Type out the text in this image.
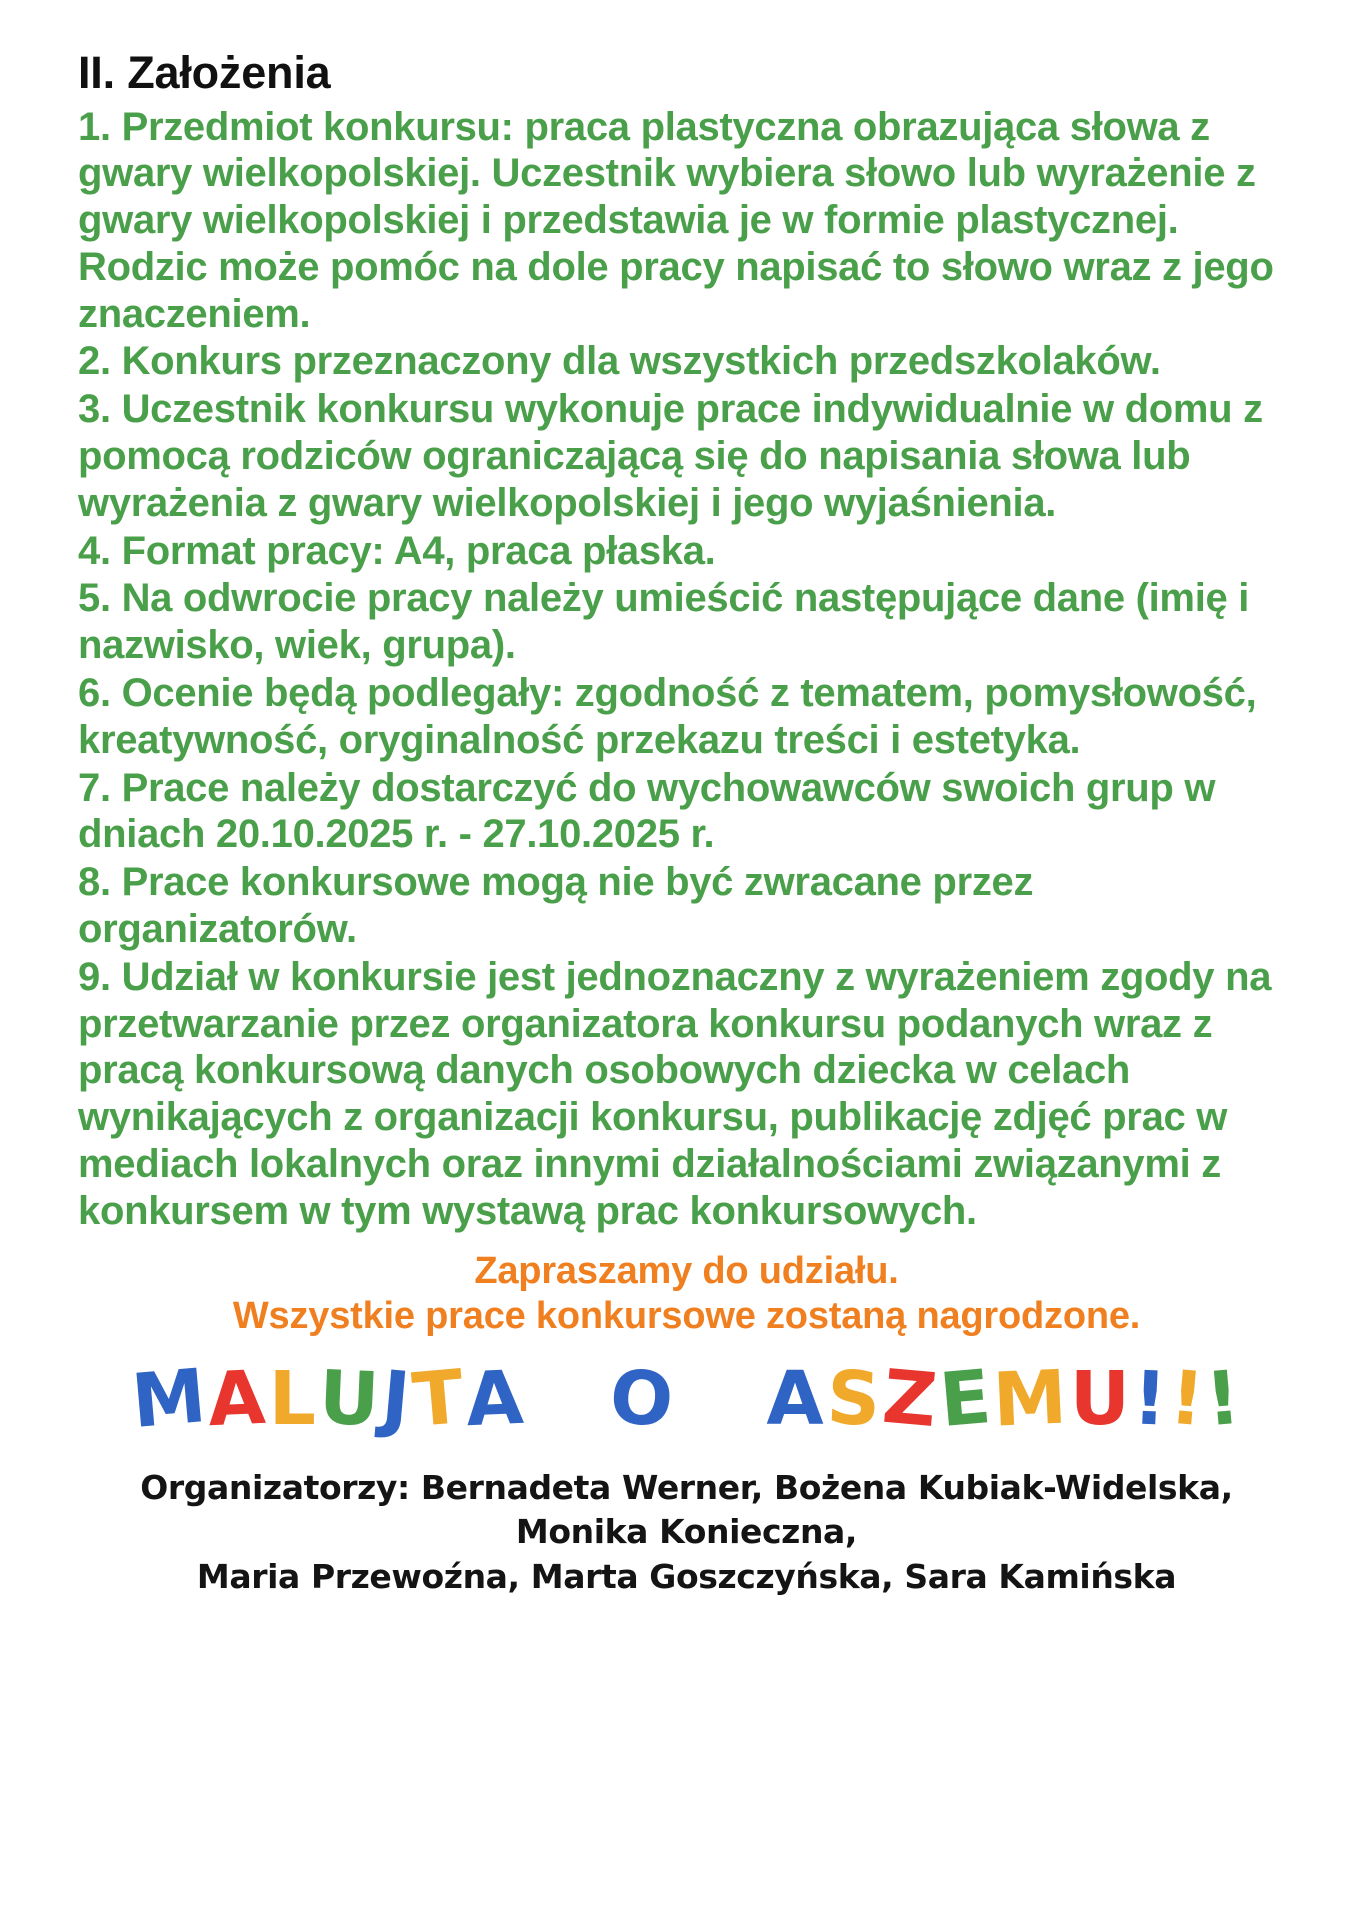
II. Założenia

1. Przedmiot konkursu: praca plastyczna obrazująca słowa z gwary wielkopolskiej. Uczestnik wybiera słowo lub wyrażenie z gwary wielkopolskiej i przedstawia je w formie plastycznej. Rodzic może pomóc na dole pracy napisać to słowo wraz z jego znaczeniem.

2. Konkurs przeznaczony dla wszystkich przedszkolaków.

3. Uczestnik konkursu wykonuje prace indywidualnie w domu z pomocą rodziców ograniczającą się do napisania słowa lub wyrażenia z gwary wielkopolskiej i jego wyjaśnienia.

4. Format pracy: A4, praca płaska.

5. Na odwrocie pracy należy umieścić następujące dane (imię i nazwisko, wiek, grupa).

6. Ocenie będą podlegały: zgodność z tematem, pomysłowość, kreatywność, oryginalność przekazu treści i estetyka.

7. Prace należy dostarczyć do wychowawców swoich grup w dniach 20.10.2025 r. - 27.10.2025 r.

8. Prace konkursowe mogą nie być zwracane przez organizatorów.

9. Udział w konkursie jest jednoznaczny z wyrażeniem zgody na przetwarzanie przez organizatora konkursu podanych wraz z pracą konkursową danych osobowych dziecka w celach wynikających z organizacji konkursu, publikację zdjęć prac w mediach lokalnych oraz innymi działalnościami związanymi z konkursem w tym wystawą prac konkursowych.

Zapraszamy do udziału.
Wszystkie prace konkursowe zostaną nagrodzone.
MALUJTA PO NASZEMU!!!
Organizatorzy: Bernadeta Werner, Bożena Kubiak-Widelska, Monika Konieczna,
Maria Przewoźna, Marta Goszczyńska, Sara Kamińska
